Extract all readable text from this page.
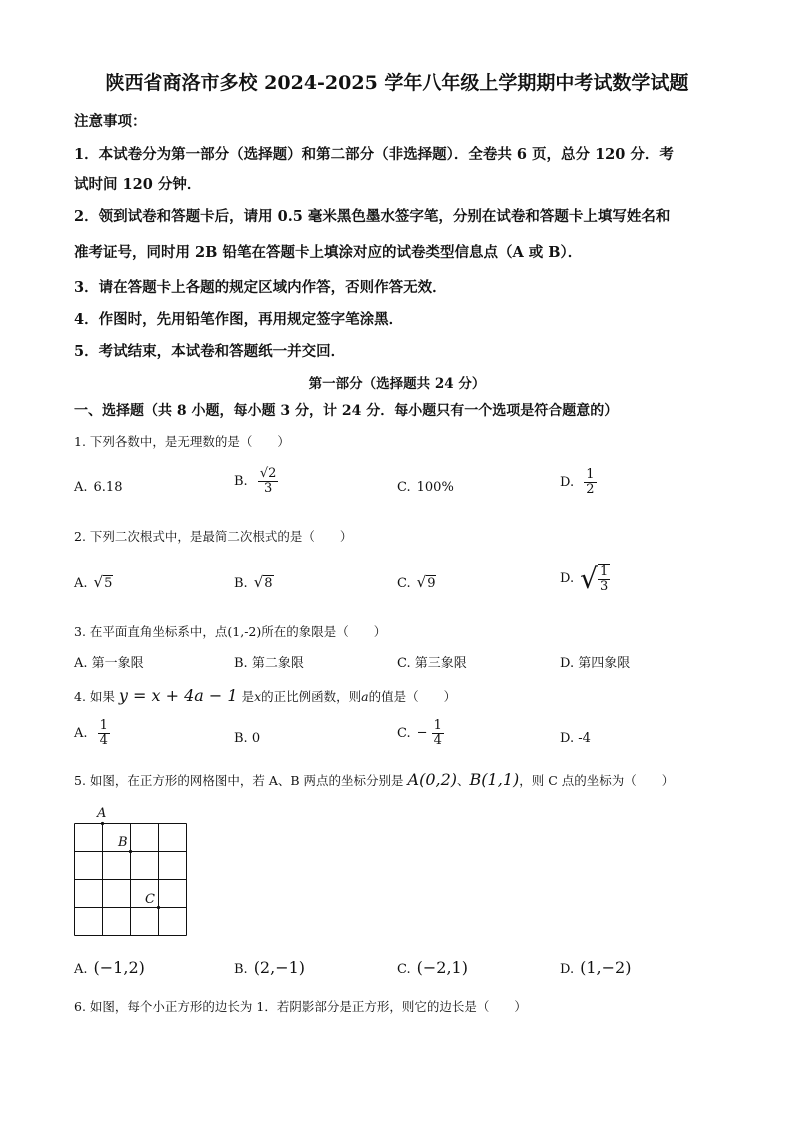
陕西省商洛市多校 2024-2025 学年八年级上学期期中考试数学试题
注意事项：
1．本试卷分为第一部分（选择题）和第二部分（非选择题）．全卷共 6 页，总分 120 分．考
试时间 120 分钟．
2．领到试卷和答题卡后，请用 0.5 毫米黑色墨水签字笔，分别在试卷和答题卡上填写姓名和
准考证号，同时用 2B 铅笔在答题卡上填涂对应的试卷类型信息点（A 或 B）．
3．请在答题卡上各题的规定区域内作答，否则作答无效．
4．作图时，先用铅笔作图，再用规定签字笔涂黑．
5．考试结束，本试卷和答题纸一并交回．
第一部分（选择题共 24 分）
一、选择题（共 8 小题，每小题 3 分，计 24 分．每小题只有一个选项是符合题意的）
1. 下列各数中，是无理数的是（　　）
A. 6.18	B. $\frac{√2}{3}$	C. 100%	D. $\frac{1}{2}$
2. 下列二次根式中，是最简二次根式的是（　　）
A. √5	B. √8	C. √9	D. √ $\frac{1}{3}$
3. 在平面直角坐标系中，点(1,-2)所在的象限是（　　）
A. 第一象限	B. 第二象限	C. 第三象限	D. 第四象限
4. 如果 y = x + 4a − 1 是x的正比例函数，则a的值是（　　）
A. $\frac{1}{4}$	B. 0	C. − $\frac{1}{4}$	D. -4
5. 如图，在正方形的网格图中，若 A、B 两点的坐标分别是 A(0,2)、B(1,1)，则 C 点的坐标为（　　）
A
B
C
A. (−1,2)	B. (2,−1)	C. (−2,1)	D. (1,−2)
6. 如图，每个小正方形的边长为 1．若阴影部分是正方形，则它的边长是（　　）
